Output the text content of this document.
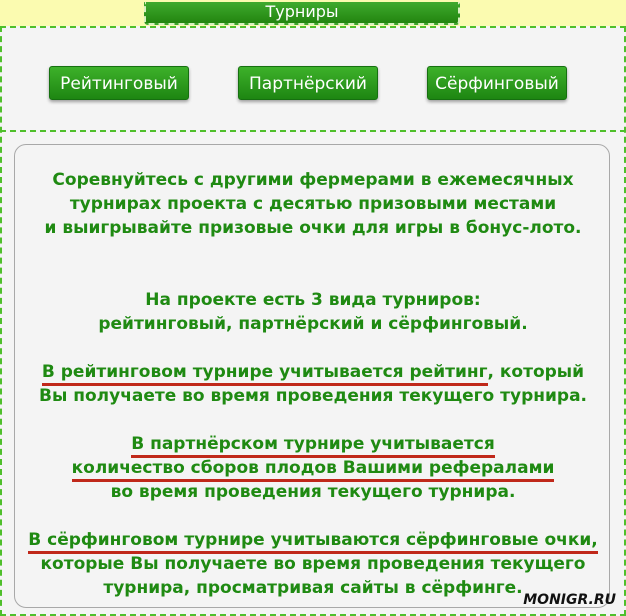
Турниры
Рейтинговый	Партнёрский	Сёрфинговый
Соревнуйтесь с другими фермерами в ежемесячных
турнирах проекта с десятью призовыми местами
и выигрывайте призовые очки для игры в бонус-лото.
На проекте есть 3 вида турниров:
рейтинговый, партнёрский и сёрфинговый.
В рейтинговом турнире учитывается рейтинг, который
Вы получаете во время проведения текущего турнира.
В партнёрском турнире учитывается
количество сборов плодов Вашими рефералами
во время проведения текущего турнира.
В сёрфинговом турнире учитываются сёрфинговые очки,
которые Вы получаете во время проведения текущего
турнира, просматривая сайты в сёрфинге.
MONIGR.RU
